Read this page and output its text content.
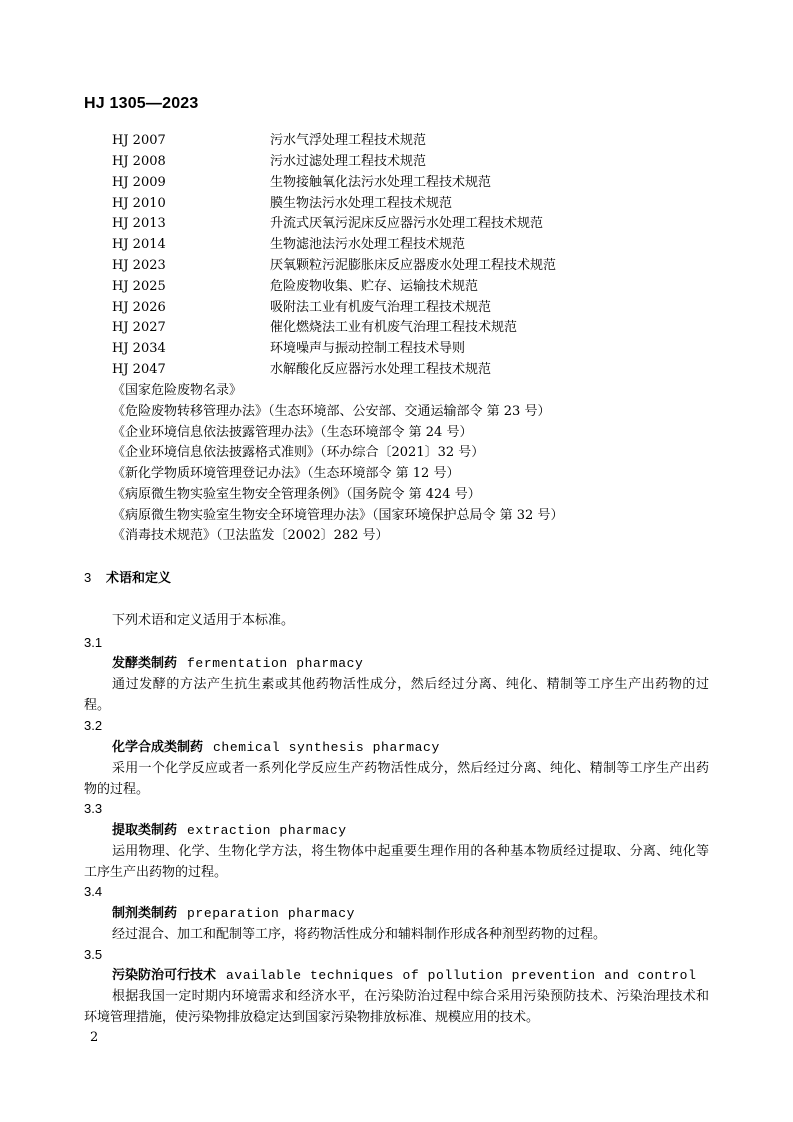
HJ 1305—2023
HJ 2007	污水气浮处理工程技术规范
HJ 2008	污水过滤处理工程技术规范
HJ 2009	生物接触氧化法污水处理工程技术规范
HJ 2010	膜生物法污水处理工程技术规范
HJ 2013	升流式厌氧污泥床反应器污水处理工程技术规范
HJ 2014	生物滤池法污水处理工程技术规范
HJ 2023	厌氧颗粒污泥膨胀床反应器废水处理工程技术规范
HJ 2025	危险废物收集、贮存、运输技术规范
HJ 2026	吸附法工业有机废气治理工程技术规范
HJ 2027	催化燃烧法工业有机废气治理工程技术规范
HJ 2034	环境噪声与振动控制工程技术导则
HJ 2047	水解酸化反应器污水处理工程技术规范
《国家危险废物名录》
《危险废物转移管理办法》（生态环境部、公安部、交通运输部令 第 23 号）
《企业环境信息依法披露管理办法》（生态环境部令 第 24 号）
《企业环境信息依法披露格式准则》（环办综合〔2021〕32 号）
《新化学物质环境管理登记办法》（生态环境部令 第 12 号）
《病原微生物实验室生物安全管理条例》（国务院令 第 424 号）
《病原微生物实验室生物安全环境管理办法》（国家环境保护总局令 第 32 号）
《消毒技术规范》（卫法监发〔2002〕282 号）
3 术语和定义
下列术语和定义适用于本标准。
3.1
发酵类制药 fermentation pharmacy
通过发酵的方法产生抗生素或其他药物活性成分，然后经过分离、纯化、精制等工序生产出药物的过程。
3.2
化学合成类制药 chemical synthesis pharmacy
采用一个化学反应或者一系列化学反应生产药物活性成分，然后经过分离、纯化、精制等工序生产出药物的过程。
3.3
提取类制药 extraction pharmacy
运用物理、化学、生物化学方法，将生物体中起重要生理作用的各种基本物质经过提取、分离、纯化等工序生产出药物的过程。
3.4
制剂类制药 preparation pharmacy
经过混合、加工和配制等工序，将药物活性成分和辅料制作形成各种剂型药物的过程。
3.5
污染防治可行技术 available techniques of pollution prevention and control
根据我国一定时期内环境需求和经济水平，在污染防治过程中综合采用污染预防技术、污染治理技术和环境管理措施，使污染物排放稳定达到国家污染物排放标准、规模应用的技术。
2
